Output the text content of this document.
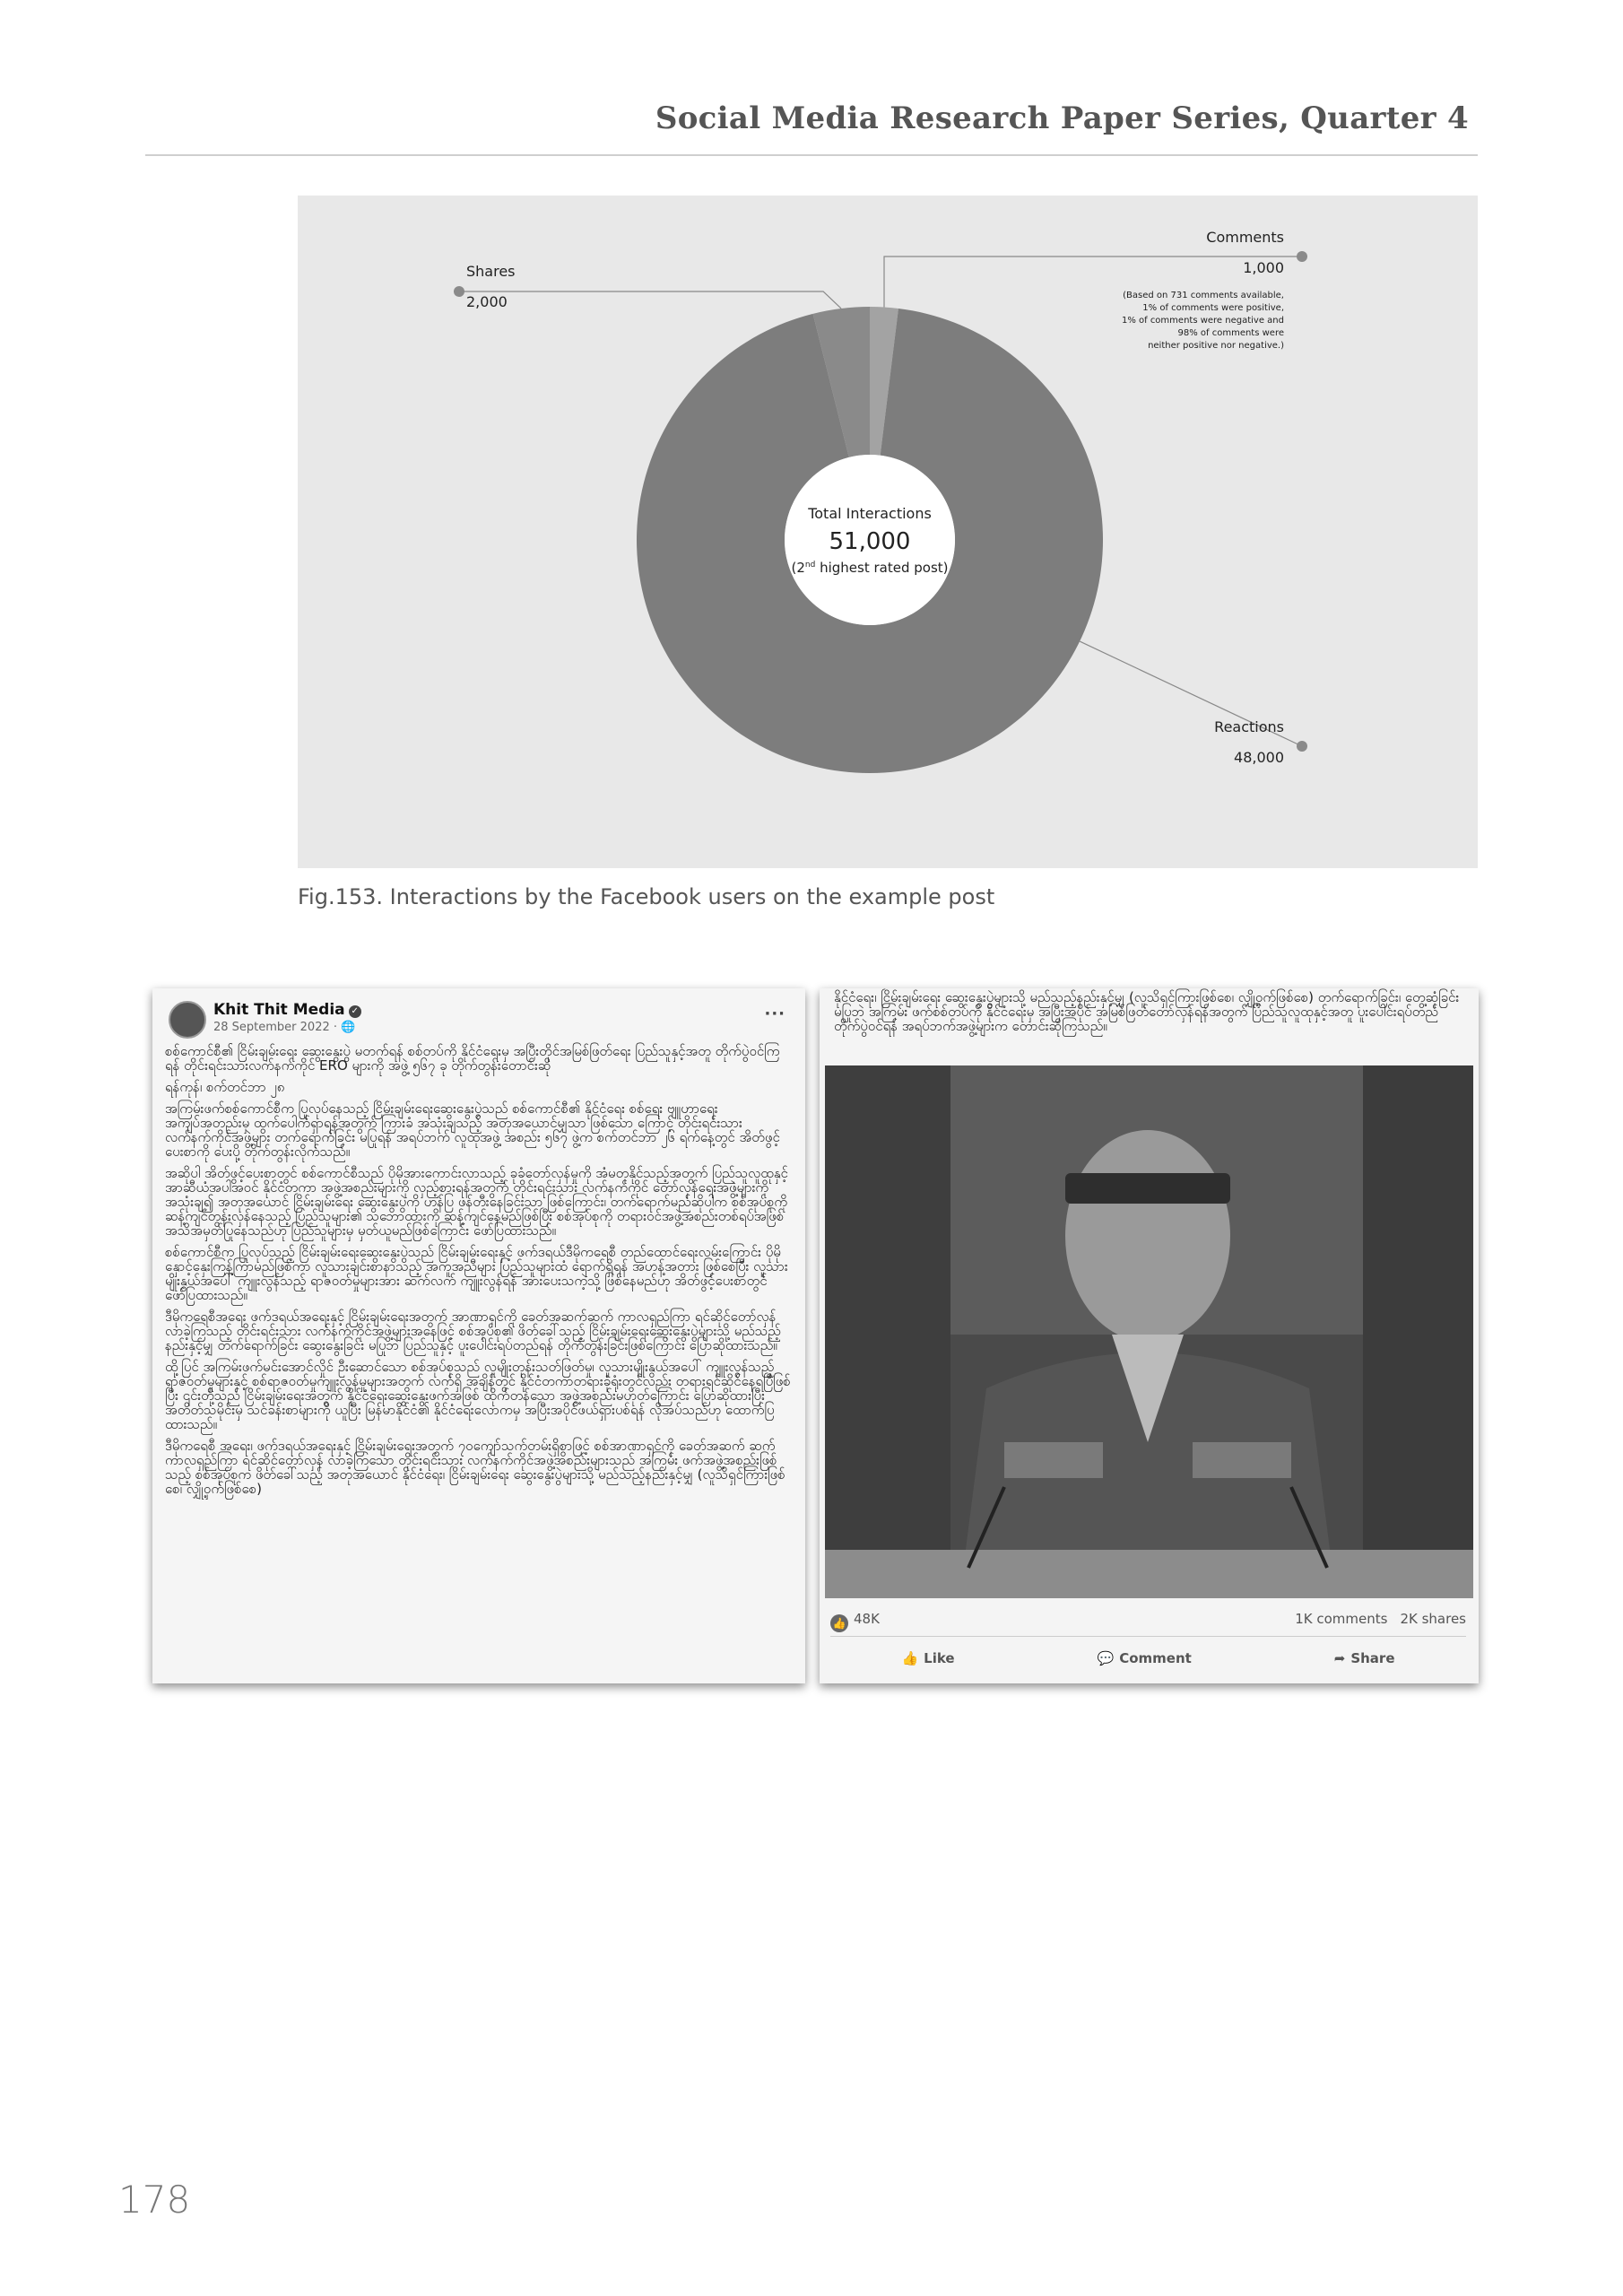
Social Media Research Paper Series, Quarter 4
Total Interactions
51,000
(2nd highest rated post)
Shares
2,000
Comments
1,000
(Based on 731 comments available,
1% of comments were positive,
1% of comments were negative and
98% of comments were
neither positive nor negative.)
Reactions
48,000
Fig.153. Interactions by the Facebook users on the example post
Khit Thit Media ✓
28 September 2022 · 🌐
···

စစ်ကောင်စီ၏ ငြိမ်းချမ်းရေး ဆွေးနွေးပွဲ မတက်ရန် စစ်တပ်ကို နိုင်ငံရေးမှ အပြီးတိုင်အမြစ်ဖြတ်ရေး ပြည်သူနှင့်အတူ တိုက်ပွဲဝင်ကြရန် တိုင်းရင်းသားလက်နက်ကိုင် ERO များကို အဖွဲ့ ၅၆၇ ခု တိုက်တွန်းတောင်းဆို

ရန်ကုန်၊ စက်တင်ဘာ ၂၈

အကြမ်းဖက်စစ်ကောင်စီက ပြုလုပ်နေသည့် ငြိမ်းချမ်းရေးဆွေးနွေးပွဲသည် စစ်ကောင်စီ၏ နိုင်ငံရေး စစ်ရေး ဗျူဟာရေးအကျပ်အတည်းမှ ထွက်ပေါက်ရှာရန်အတွက် ကြားခံ အသုံးချသည့် အတုအယောင်မျှသာ ဖြစ်သော ကြောင့် တိုင်းရင်းသားလက်နက်ကိုင်အဖွဲ့များ တက်ရောက်ခြင်း မပြုရန် အရပ်ဘက် လူထုအဖွဲ့ အစည်း ၅၆၇ ဖွဲ့က စက်တင်ဘာ ၂၆ ရက်နေ့တွင် အိတ်ဖွင့်ပေးစာကို ပေးပို့ တိုက်တွန်းလိုက်သည်။

အဆိုပါ အိတ်ဖွင့်ပေးစာတွင် စစ်ကောင်စီသည် ပိုမိုအားကောင်းလာသည့် ခုခံတော်လှန်မှုကို အံမတုနိုင်သည့်အတွက် ပြည်သူလူထုနှင့် အာဆီယံအပါအဝင် နိုင်ငံတကာ အဖွဲ့အစည်းများကို လှည့်စားရန်အတွက် တိုင်းရင်းသား လက်နက်ကိုင် တော်လှန်ရေးအဖွဲ့များကို အသုံးချ၍ အတုအယောင် ငြိမ်းချမ်းရေး ဆွေးနွေးပွဲကို ဟန်ပြ ဖန်တီးနေခြင်းသာ ဖြစ်ကြောင်း၊ တက်ရောက်မည်ဆိုပါက စစ်အုပ်စုကို ဆန့်ကျင်တွန်းလှန်နေသည့် ပြည်သူများ၏ သဘောထားကို ဆန့်ကျင်နေမည်ဖြစ်ပြီး စစ်အုပ်စုကို တရားဝင်အဖွဲ့အစည်းတစ်ရပ်အဖြစ် အသိအမှတ်ပြုနေသည်ဟု ပြည်သူများမှ မှတ်ယူမည်ဖြစ်ကြောင်း ဖော်ပြထားသည်။

စစ်ကောင်စီက ပြုလုပ်သည့် ငြိမ်းချမ်းရေးဆွေးနွေးပွဲသည် ငြိမ်းချမ်းရေးနှင့် ဖက်ဒရယ်ဒီမိုကရေစီ တည်ထောင်ရေးလမ်းကြောင်း ပိုမိုနှောင့်နှေးကြန့်ကြာမည်ဖြစ်ကာ လူသားချင်းစာနာသည့် အကူအညီများ ပြည်သူများထံ ရောက်ရှိရန် အဟန့်အတား ဖြစ်စေပြီး လူသားမျိုးနွယ်အပေါ် ကျူးလွန်သည့် ရာဇဝတ်မှုများအား ဆက်လက် ကျူးလွန်ရန် အားပေးသကဲ့သို့ ဖြစ်နေမည်ဟု အိတ်ဖွင့်ပေးစာတွင် ဖော်ပြထားသည်။

ဒီမိုကရေစီအရေး ဖက်ဒရယ်အရေးနှင့် ငြိမ်းချမ်းရေးအတွက် အာဏာရှင်ကို ခေတ်အဆက်ဆက် ကာလရှည်ကြာ ရင်ဆိုင်တော်လှန်လာခဲ့ကြသည့် တိုင်းရင်းသား လက်နက်ကိုင်အဖွဲ့များအနေဖြင့် စစ်အုပ်စု၏ ဖိတ်ခေါ်သည့် ငြိမ်းချမ်းရေးဆွေးနွေးပွဲများသို့ မည်သည့်နည်းနှင့်မျှ တက်ရောက်ခြင်း ဆွေးနွေးခြင်း မပြုဘဲ ပြည်သူနှင့် ပူးပေါင်းရပ်တည်ရန် တိုက်တွန်းခြင်းဖြစ်ကြောင်း ပြောဆိုထားသည်။

ထို့ပြင် အကြမ်းဖက်မင်းအောင်လှိုင် ဦးဆောင်သော စစ်အုပ်စုသည် လူမျိုးတုန်းသတ်ဖြတ်မှု၊ လူသားမျိုးနွယ်အပေါ် ကျူးလွန်သည့် ရာဇဝတ်မှုများနှင့် စစ်ရာဇဝတ်မှုကျူးလွန်မှုများအတွက် လက်ရှိ အချိန်တွင် နိုင်ငံတကာတရားခုံရုံးတွင်လည်း တရားရင်ဆိုင်နေရပြီဖြစ်ပြီး ၎င်းတို့သည် ငြိမ်းချမ်းရေးအတွက် နိုင်ငံရေးဆွေးနွေးဖက်အဖြစ် ထိုက်တန်သော အဖွဲ့အစည်းမဟုတ်ကြောင်း ပြောဆိုထားပြီး အတိတ်သမိုင်းမှ သင်ခန်းစာများကို ယူပြီး မြန်မာနိုင်ငံ၏ နိုင်ငံရေးလောကမှ အပြီးအပိုင်ဖယ်ရှားပစ်ရန် လိုအပ်သည်ဟု ထောက်ပြထားသည်။

ဒီမိုကရေစီ အရေး၊ ဖက်ဒရယ်အရေးနှင့် ငြိမ်းချမ်းရေးအတွက် ၇၀ကျော်သက်တမ်းရှိစွာဖြင့် စစ်အာဏာရှင်ကို ခေတ်အဆက် ဆက် ကာလရှည်ကြာ ရင်ဆိုင်တော်လှန် လာခဲ့ကြသော တိုင်းရင်းသား လက်နက်ကိုင်အဖွဲ့အစည်းများသည် အကြမ်း ဖက်အဖွဲ့အစည်းဖြစ်သည့် စစ်အုပ်စုက ဖိတ်ခေါ်သည့် အတုအယောင် နိုင်ငံရေး၊ ငြိမ်းချမ်းရေး ဆွေးနွေးပွဲများသို့ မည်သည့်နည်းနှင့်မျှ (လူသိရှင်ကြားဖြစ်စေ၊ လျှို့ဝှက်ဖြစ်စေ)

နိုင်ငံရေး၊ ငြိမ်းချမ်းရေး ဆွေးနွေးပွဲများသို့ မည်သည့်နည်းနှင့်မျှ (လူသိရှင်ကြားဖြစ်စေ၊ လျှို့ဝှက်ဖြစ်စေ) တက်ရောက်ခြင်း၊ တွေ့ဆုံခြင်း မပြုဘဲ အကြမ်း ဖက်စစ်တပ်ကို နိုင်ငံရေးမှ အပြီးအပိုင် အမြစ်ဖြတ်တော်လှန်ရန်အတွက် ပြည်သူလူထုနှင့်အတူ ပူးပေါင်းရပ်တည်တိုက်ပွဲဝင်ရန် အရပ်ဘက်အဖွဲ့များက တောင်းဆိုကြသည်။
👍 48K	1K comments 2K shares
👍 Like	💬 Comment	➦ Share
178
